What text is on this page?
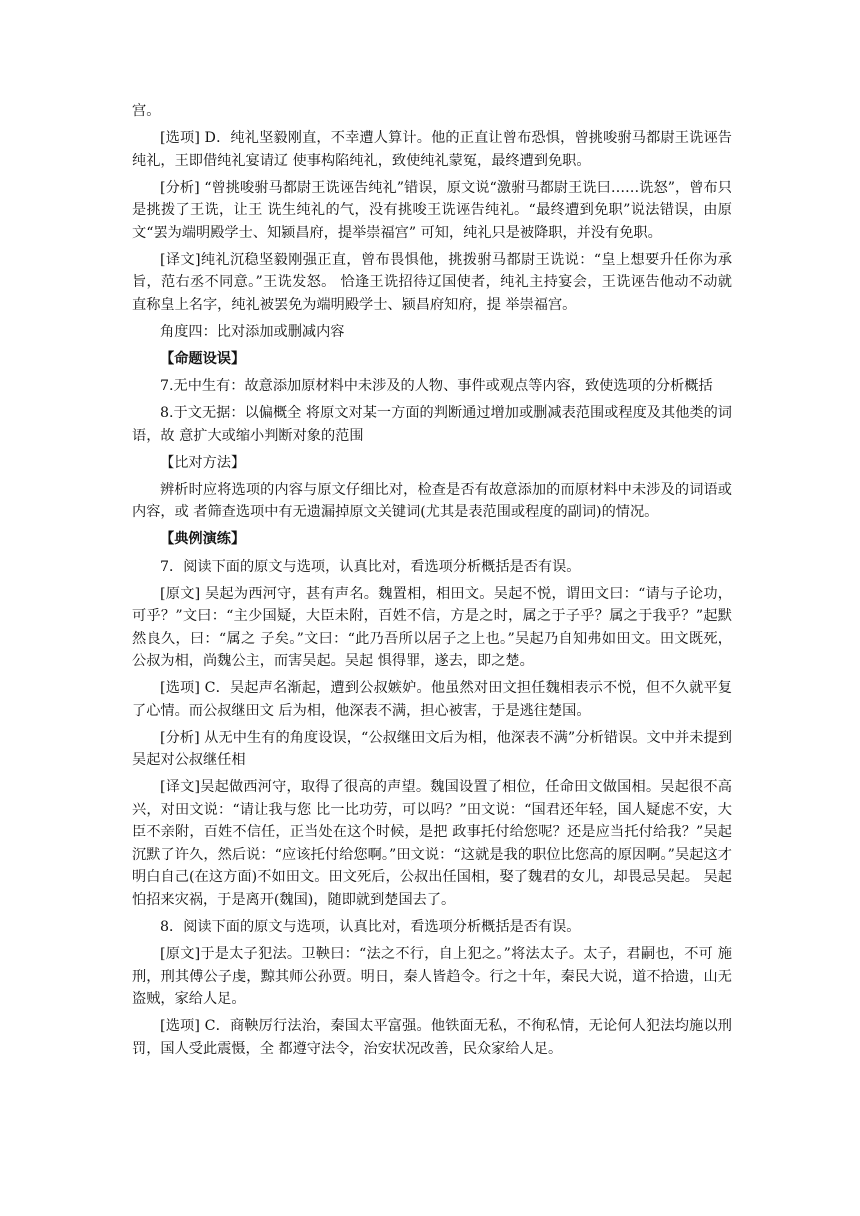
宫。

[选项] D．纯礼坚毅刚直，不幸遭人算计。他的正直让曾布恐惧，曾挑唆驸马都尉王诜诬告纯礼，王即借纯礼宴请辽 使事构陷纯礼，致使纯礼蒙冤，最终遭到免职。

[分析] “曾挑唆驸马都尉王诜诬告纯礼”错误，原文说“激驸马都尉王诜曰……诜怒”，曾布只是挑拨了王诜，让王 诜生纯礼的气，没有挑唆王诜诬告纯礼。“最终遭到免职”说法错误，由原文“罢为端明殿学士、知颍昌府，提举崇福宫” 可知，纯礼只是被降职，并没有免职。

[译文]纯礼沉稳坚毅刚强正直，曾布畏惧他，挑拨驸马都尉王诜说：“皇上想要升任你为承旨，范右丞不同意。”王诜发怒。 恰逢王诜招待辽国使者，纯礼主持宴会，王诜诬告他动不动就直称皇上名字，纯礼被罢免为端明殿学士、颍昌府知府，提 举崇福宫。

角度四：比对添加或删减内容

【命题设误】

7.无中生有：故意添加原材料中未涉及的人物、事件或观点等内容，致使选项的分析概括

8.于文无据：以偏概全 将原文对某一方面的判断通过增加或删减表范围或程度及其他类的词语，故 意扩大或缩小判断对象的范围

【比对方法】

辨析时应将选项的内容与原文仔细比对，检查是否有故意添加的而原材料中未涉及的词语或内容，或 者筛查选项中有无遗漏掉原文关键词(尤其是表范围或程度的副词)的情况。

【典例演练】

7．阅读下面的原文与选项，认真比对，看选项分析概括是否有误。

[原文] 吴起为西河守，甚有声名。魏置相，相田文。吴起不悦，谓田文曰：“请与子论功， 可乎？”文曰：“主少国疑，大臣未附，百姓不信，方是之时，属之于子乎？属之于我乎？”起默然良久，曰：“属之 子矣。”文曰：“此乃吾所以居子之上也。”吴起乃自知弗如田文。田文既死，公叔为相，尚魏公主，而害吴起。吴起 惧得罪，遂去，即之楚。

[选项] C．吴起声名渐起，遭到公叔嫉妒。他虽然对田文担任魏相表示不悦，但不久就平复了心情。而公叔继田文 后为相，他深表不满，担心被害，于是逃往楚国。

[分析] 从无中生有的角度设误，“公叔继田文后为相，他深表不满”分析错误。文中并未提到吴起对公叔继任相

[译文]吴起做西河守，取得了很高的声望。魏国设置了相位，任命田文做国相。吴起很不高兴，对田文说：“请让我与您 比一比功劳，可以吗？”田文说：“国君还年轻，国人疑虑不安，大臣不亲附，百姓不信任，正当处在这个时候，是把 政事托付给您呢？还是应当托付给我？”吴起沉默了许久，然后说：“应该托付给您啊。”田文说：“这就是我的职位比您高的原因啊。”吴起这才明白自己(在这方面)不如田文。田文死后，公叔出任国相，娶了魏君的女儿，却畏忌吴起。 吴起怕招来灾祸，于是离开(魏国)，随即就到楚国去了。

8．阅读下面的原文与选项，认真比对，看选项分析概括是否有误。

[原文]于是太子犯法。卫鞅曰：“法之不行，自上犯之。”将法太子。太子，君嗣也，不可 施刑，刑其傅公子虔，黥其师公孙贾。明日，秦人皆趋令。行之十年，秦民大说，道不拾遗，山无盗贼，家给人足。

[选项] C．商鞅厉行法治，秦国太平富强。他铁面无私，不徇私情，无论何人犯法均施以刑罚，国人受此震慑，全 都遵守法令，治安状况改善，民众家给人足。
